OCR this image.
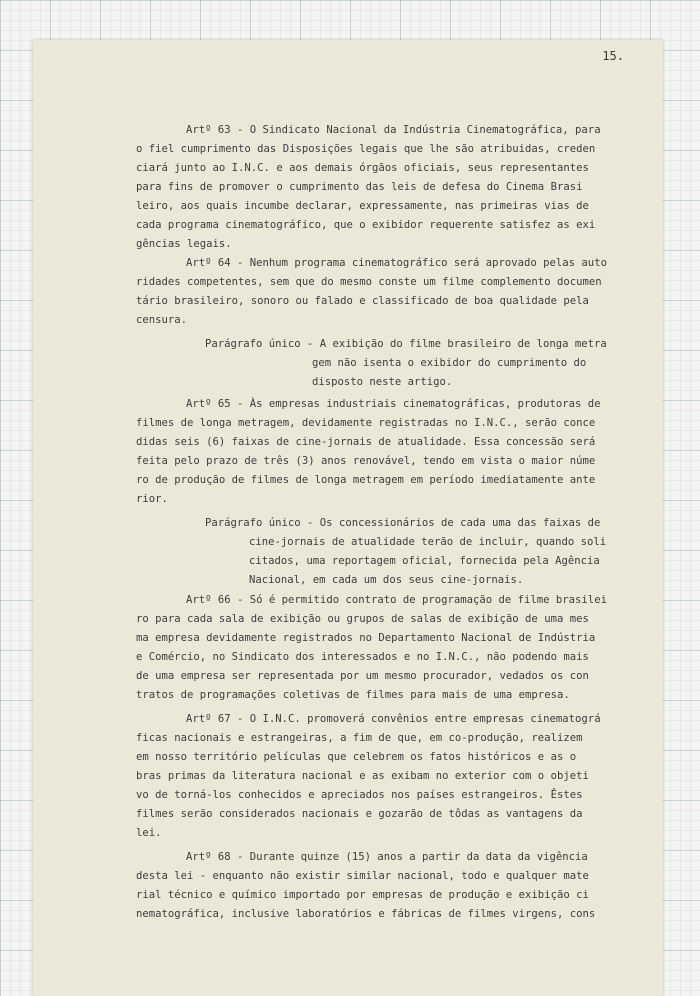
15.
Artº 63 - O Sindicato Nacional da Indústria Cinematográfica, para
o fiel cumprimento das Disposições legais que lhe são atribuidas, creden
ciará junto ao I.N.C. e aos demais órgãos oficiais, seus representantes
para fins de promover o cumprimento das leis de defesa do Cinema Brasi
leiro, aos quais incumbe declarar, expressamente, nas primeiras vias de
cada programa cinematográfico, que o exibidor requerente satisfez as exi
gências legais.
Artº 64 - Nenhum programa cinematográfico será aprovado pelas auto
ridades competentes, sem que do mesmo conste um filme complemento documen
tário brasileiro, sonoro ou falado e classificado de boa qualidade pela
censura.
Parágrafo único - A exibição do filme brasileiro de longa metra
gem não isenta o exibidor do cumprimento do
disposto neste artigo.
Artº 65 - Às empresas industriais cinematográficas, produtoras de
filmes de longa metragem, devidamente registradas no I.N.C., serão conce
didas seis (6) faixas de cine-jornais de atualidade. Essa concessão será
feita pelo prazo de três (3) anos renovável, tendo em vista o maior núme
ro de produção de filmes de longa metragem em período imediatamente ante
rior.
Parágrafo único - Os concessionários de cada uma das faixas de
cine-jornais de atualidade terão de incluir, quando soli
citados, uma reportagem oficial, fornecida pela Agência
Nacional, em cada um dos seus cine-jornais.
Artº 66 - Só é permitido contrato de programação de filme brasilei
ro para cada sala de exibição ou grupos de salas de exibição de uma mes
ma empresa devidamente registrados no Departamento Nacional de Indústria
e Comércio, no Sindicato dos interessados e no I.N.C., não podendo mais
de uma empresa ser representada por um mesmo procurador, vedados os con
tratos de programações coletivas de filmes para mais de uma empresa.
Artº 67 - O I.N.C. promoverá convênios entre empresas cinematográ
ficas nacionais e estrangeiras, a fim de que, em co-produção, realizem
em nosso território películas que celebrem os fatos históricos e as o
bras primas da literatura nacional e as exibam no exterior com o objeti
vo de torná-los conhecidos e apreciados nos países estrangeiros. Êstes
filmes serão considerados nacionais e gozarão de tôdas as vantagens da
lei.
Artº 68 - Durante quinze (15) anos a partir da data da vigência
desta lei - enquanto não existir similar nacional, todo e qualquer mate
rial técnico e químico importado por empresas de produção e exibição ci
nematográfica, inclusive laboratórios e fábricas de filmes virgens, cons
